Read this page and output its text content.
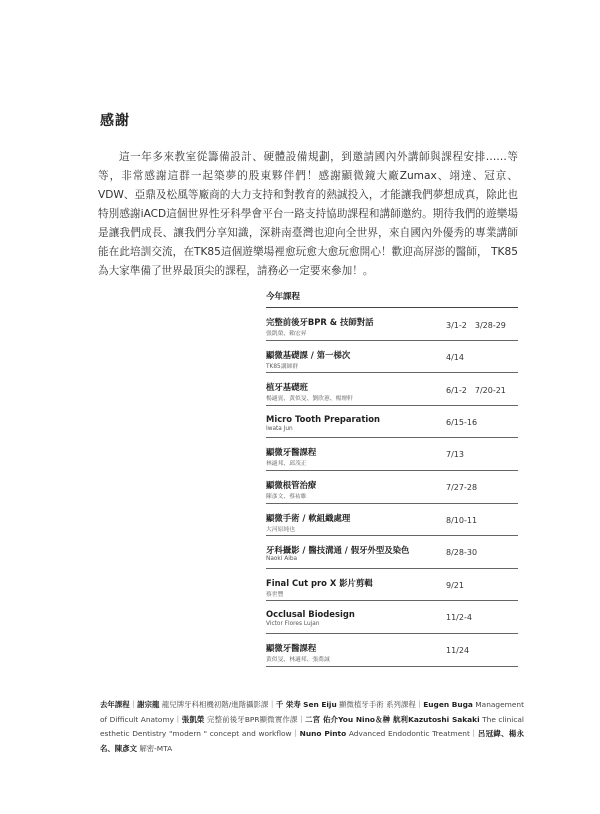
感謝

這一年多來教室從籌備設計、硬體設備規劃，到邀請國內外講師與課程安排……等等，非常感謝這群一起築夢的股東夥伴們！感謝顯微鏡大廠Zumax、翊達、冠京、VDW、亞鼎及松風等廠商的大力支持和對教育的熱誠投入，才能讓我們夢想成真，除此也特別感謝iACD這個世界性牙科學會平台一路支持協助課程和講師邀約。期待我們的遊樂場是讓我們成長、讓我們分享知識，深耕南臺灣也迎向全世界，來自國內外優秀的專業講師能在此培訓交流，在TK85這個遊樂場裡愈玩愈大愈玩愈開心！歡迎高屏澎的醫師， TK85為大家準備了世界最頂尖的課程，請務必一定要來參加！。

今年課程
完整前後牙BPR & 技師對話
張凱榮、賴宏昇
3/1-2　3/28-29
顯微基礎課 / 第一梯次
TK85講師群
4/14
植牙基礎班
楊適賓、黃似旻、劉欣蕙、楊壇軒
6/1-2　7/20-21
Micro Tooth Preparation
Iwata Jun
6/15-16
顯微牙醫課程
林適邦、邱茂正
7/13
顯微根管治療
陳彥文、蔡祐維
7/27-28
顯微手術 / 軟組織處理
大河原純也
8/10-11
牙科攝影 / 醫技溝通 / 假牙外型及染色
Naoki Aiba
8/28-30
Final Cut pro X 影片剪輯
蔡世豐
9/21
Occlusal Biodesign
Victor Flores Lujan
11/2-4
顯微牙醫課程
黃似旻、林適邦、張喬誠
11/24

去年課程｜謝宗龍 龍兒牌牙科相機初階/進階攝影課｜千 栄寿 Sen Eiju 顯微植牙手術 系列課程｜Eugen Buga Management of Difficult Anatomy｜張凱榮 完整前後牙BPR顯微實作課｜二宮 佑介You Nino＆榊 航利Kazutoshi Sakaki The clinical esthetic Dentistry "modern " concept and workflow｜Nuno Pinto Advanced Endodontic Treatment｜呂冠緯、楊永名、陳彥文 解密-MTA
